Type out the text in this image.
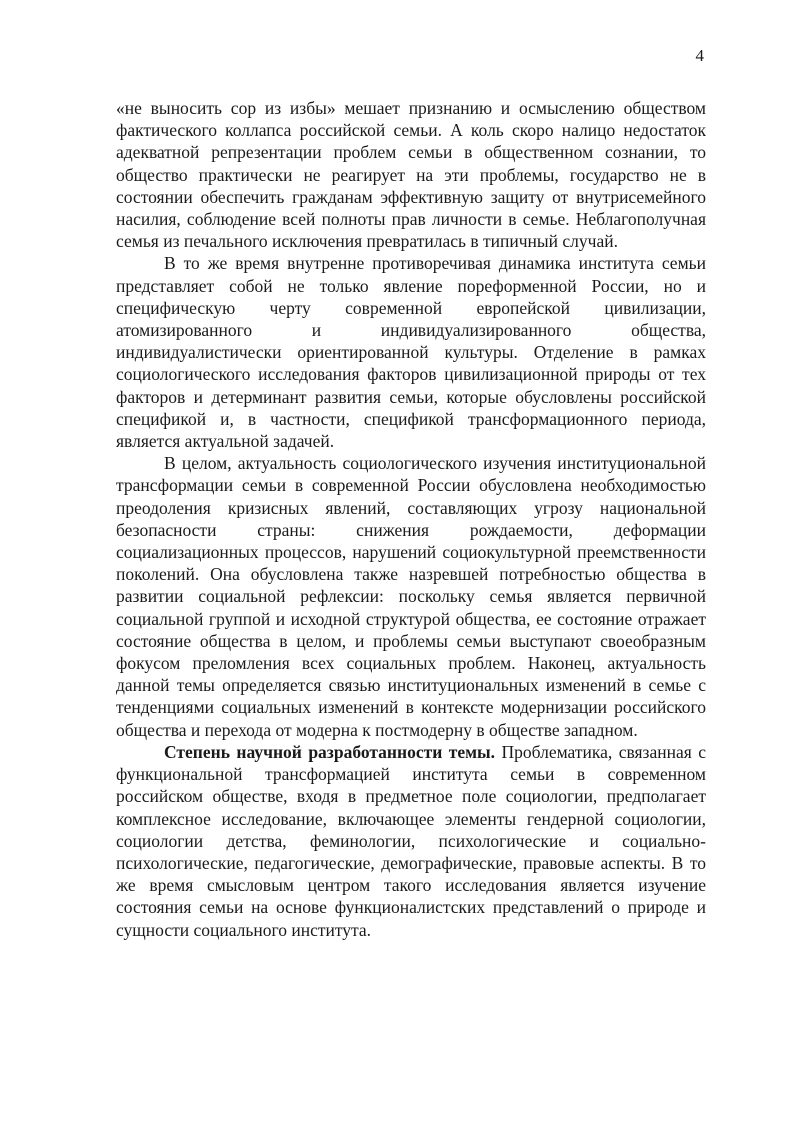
4

«не выносить сор из избы» мешает признанию и осмыслению обществом фактического коллапса российской семьи. А коль скоро налицо недостаток адекватной репрезентации проблем семьи в общественном сознании, то общество практически не реагирует на эти проблемы, государство не в состоянии обеспечить гражданам эффективную защиту от внутрисемейного насилия, соблюдение всей полноты прав личности в семье. Неблагополучная семья из печального исключения превратилась в типичный случай.

В то же время внутренне противоречивая динамика института семьи представляет собой не только явление пореформенной России, но и специфическую черту современной европейской цивилизации, атомизированного и индивидуализированного общества, индивидуалистически ориентированной культуры. Отделение в рамках социологического исследования факторов цивилизационной природы от тех факторов и детерминант развития семьи, которые обусловлены российской спецификой и, в частности, спецификой трансформационного периода, является актуальной задачей.

В целом, актуальность социологического изучения институциональной трансформации семьи в современной России обусловлена необходимостью преодоления кризисных явлений, составляющих угрозу национальной безопасности страны: снижения рождаемости, деформации социализационных процессов, нарушений социокультурной преемственности поколений. Она обусловлена также назревшей потребностью общества в развитии социальной рефлексии: поскольку семья является первичной социальной группой и исходной структурой общества, ее состояние отражает состояние общества в целом, и проблемы семьи выступают своеобразным фокусом преломления всех социальных проблем. Наконец, актуальность данной темы определяется связью институциональных изменений в семье с тенденциями социальных изменений в контексте модернизации российского общества и перехода от модерна к постмодерну в обществе западном.

Степень научной разработанности темы. Проблематика, связанная с функциональной трансформацией института семьи в современном российском обществе, входя в предметное поле социологии, предполагает комплексное исследование, включающее элементы гендерной социологии, социологии детства, феминологии, психологические и социально-психологические, педагогические, демографические, правовые аспекты. В то же время смысловым центром такого исследования является изучение состояния семьи на основе функционалистских представлений о природе и сущности социального института.
